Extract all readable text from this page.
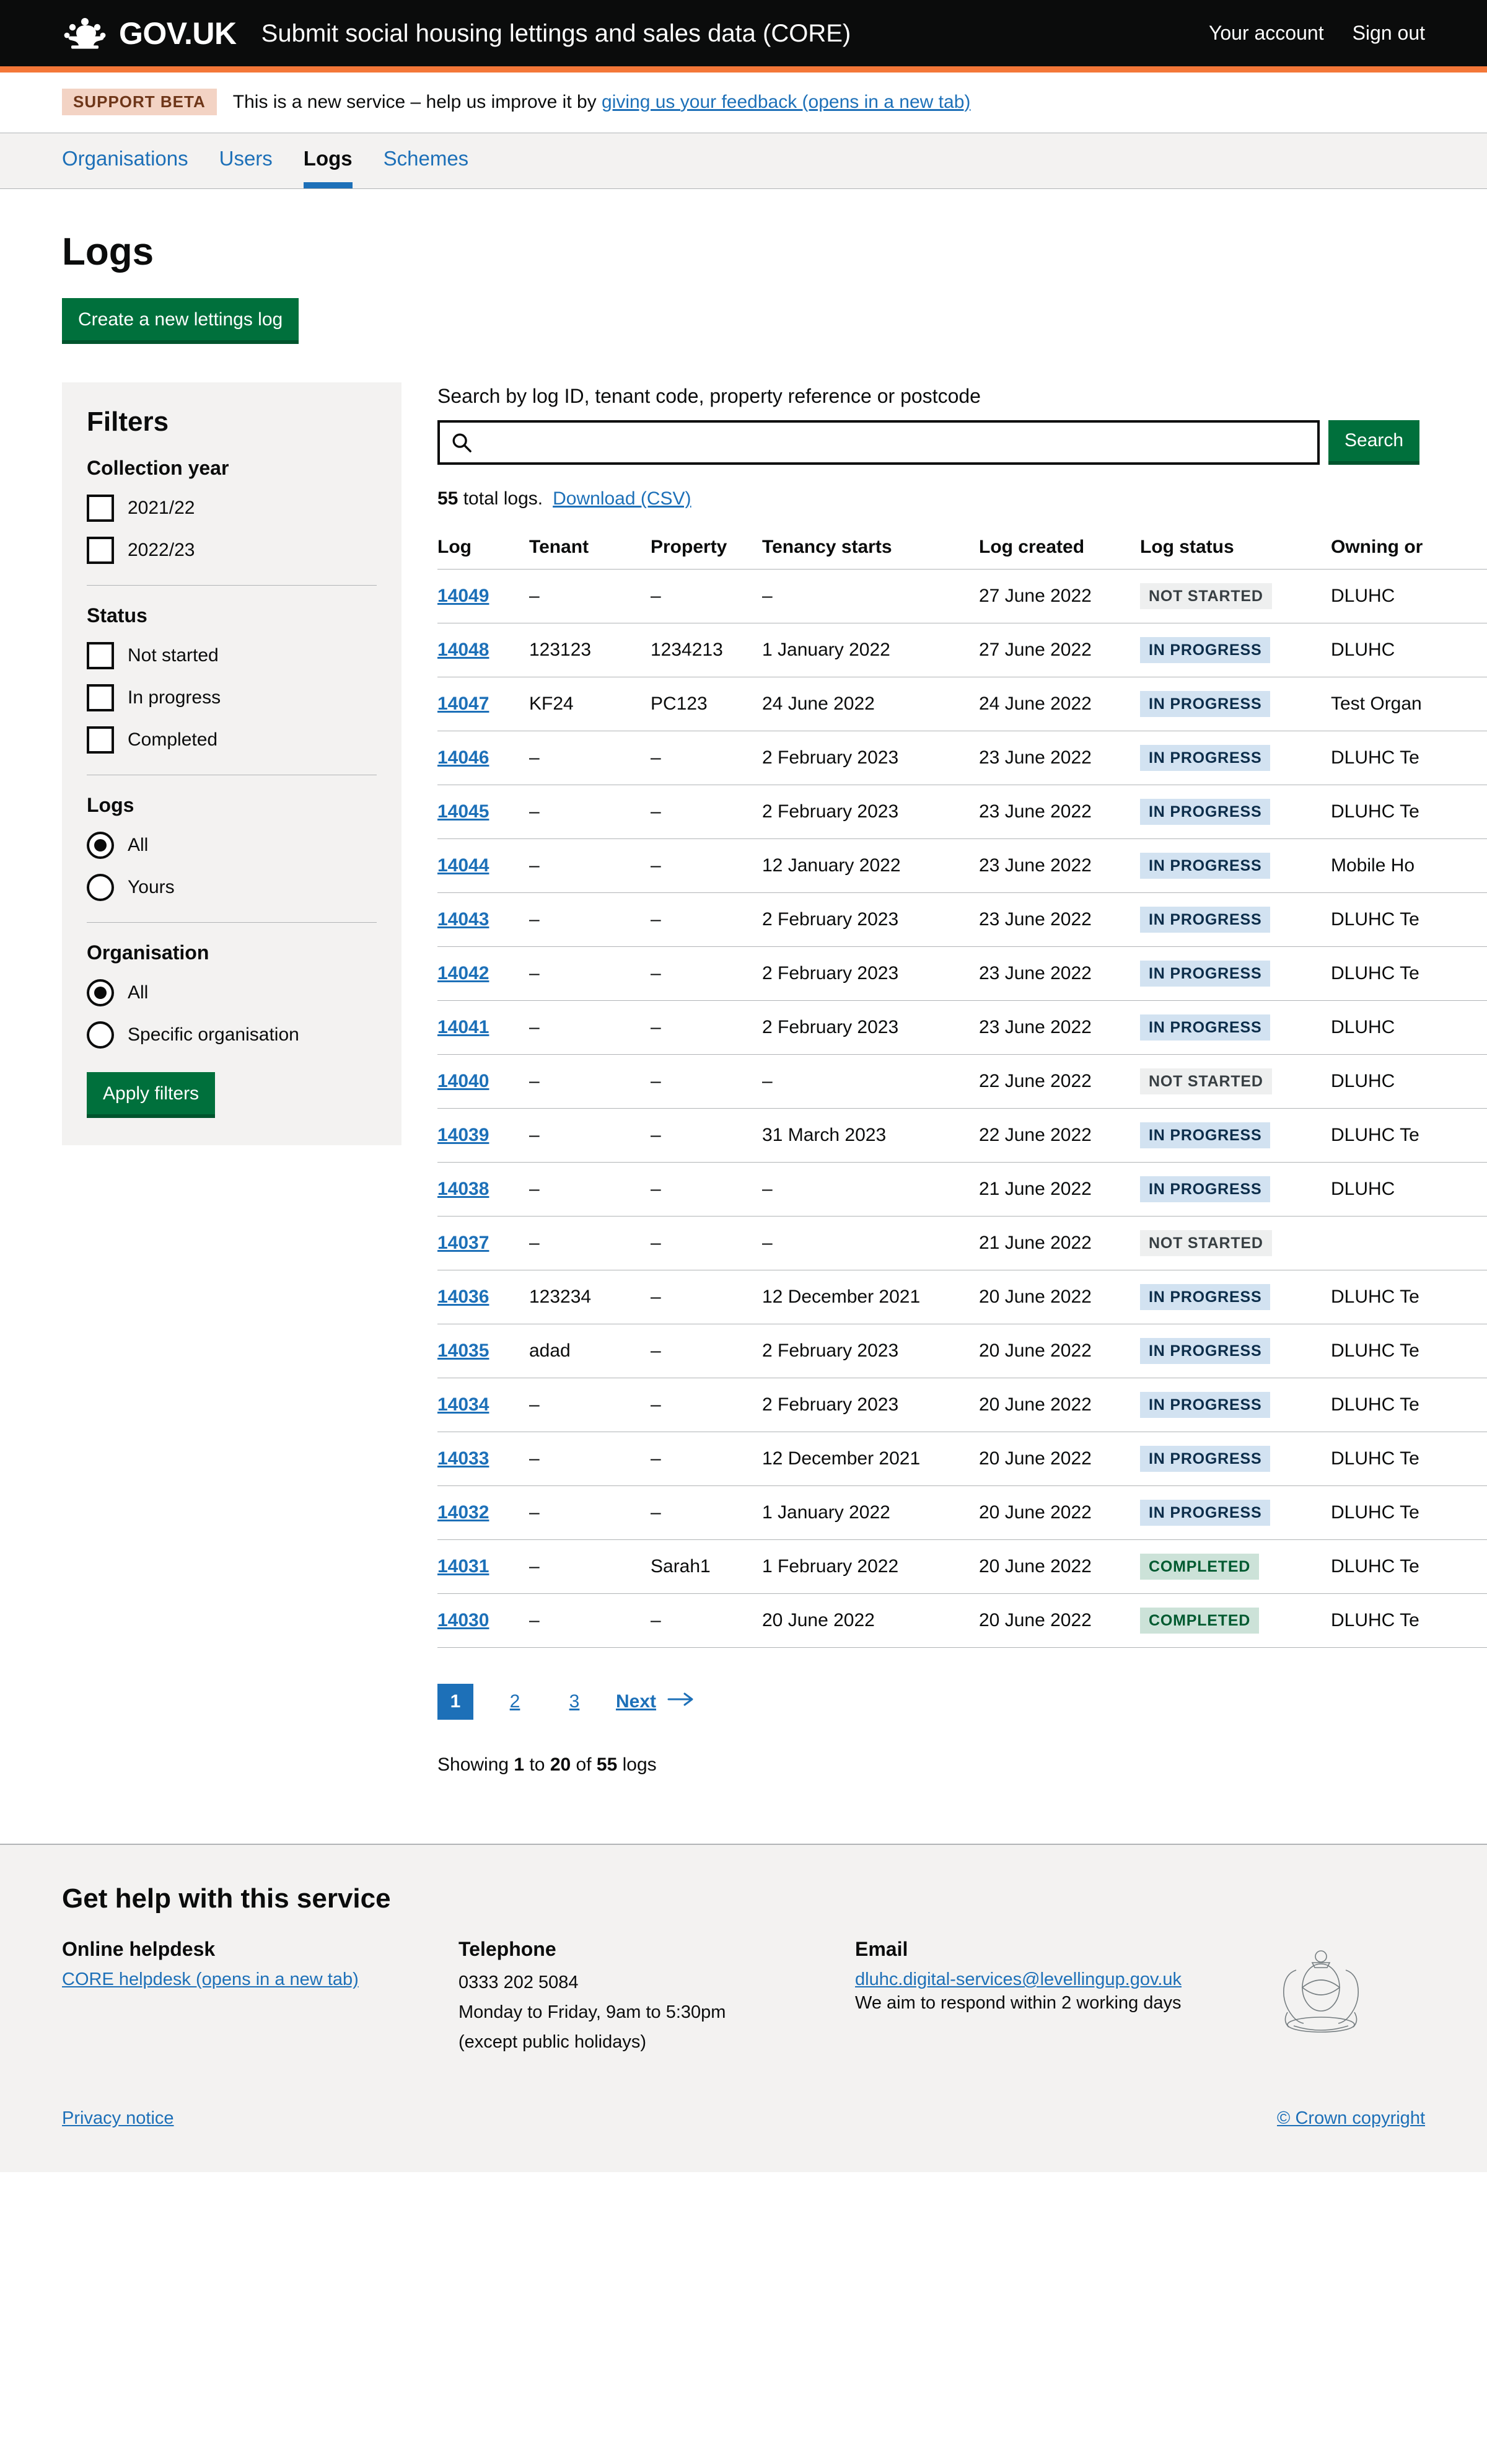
GOV.UK Submit social housing lettings and sales data (CORE)	Your account Sign out
SUPPORT BETA	This is a new service – help us improve it by giving us your feedback (opens in a new tab)
Organisations Users Logs Schemes
Logs
Create a new lettings log
Filters
Collection year
2021/22
2022/23
Status
Not started
In progress
Completed
Logs
All
Yours
Organisation
All
Specific organisation
Apply filters
Search by log ID, tenant code, property reference or postcode
Search
55 total logs. Download (CSV)
Log	Tenant	Property	Tenancy starts	Log created	Log status	Owning or
14049	–	–	–	27 June 2022	NOT STARTED	DLUHC
14048	123123	1234213	1 January 2022	27 June 2022	IN PROGRESS	DLUHC
14047	KF24	PC123	24 June 2022	24 June 2022	IN PROGRESS	Test Organ
14046	–	–	2 February 2023	23 June 2022	IN PROGRESS	DLUHC Te
14045	–	–	2 February 2023	23 June 2022	IN PROGRESS	DLUHC Te
14044	–	–	12 January 2022	23 June 2022	IN PROGRESS	Mobile Ho
14043	–	–	2 February 2023	23 June 2022	IN PROGRESS	DLUHC Te
14042	–	–	2 February 2023	23 June 2022	IN PROGRESS	DLUHC Te
14041	–	–	2 February 2023	23 June 2022	IN PROGRESS	DLUHC
14040	–	–	–	22 June 2022	NOT STARTED	DLUHC
14039	–	–	31 March 2023	22 June 2022	IN PROGRESS	DLUHC Te
14038	–	–	–	21 June 2022	IN PROGRESS	DLUHC
14037	–	–	–	21 June 2022	NOT STARTED	
14036	123234	–	12 December 2021	20 June 2022	IN PROGRESS	DLUHC Te
14035	adad	–	2 February 2023	20 June 2022	IN PROGRESS	DLUHC Te
14034	–	–	2 February 2023	20 June 2022	IN PROGRESS	DLUHC Te
14033	–	–	12 December 2021	20 June 2022	IN PROGRESS	DLUHC Te
14032	–	–	1 January 2022	20 June 2022	IN PROGRESS	DLUHC Te
14031	–	Sarah1	1 February 2022	20 June 2022	COMPLETED	DLUHC Te
14030	–	–	20 June 2022	20 June 2022	COMPLETED	DLUHC Te
1	2	3	Next

Showing 1 to 20 of 55 logs

Get help with this service
Online helpdesk
CORE helpdesk (opens in a new tab)
Telephone

0333 202 5084

Monday to Friday, 9am to 5:30pm

(except public holidays)

Email
dluhc.digital-services@levellingup.gov.uk

We aim to respond within 2 working days

Privacy notice	© Crown copyright
